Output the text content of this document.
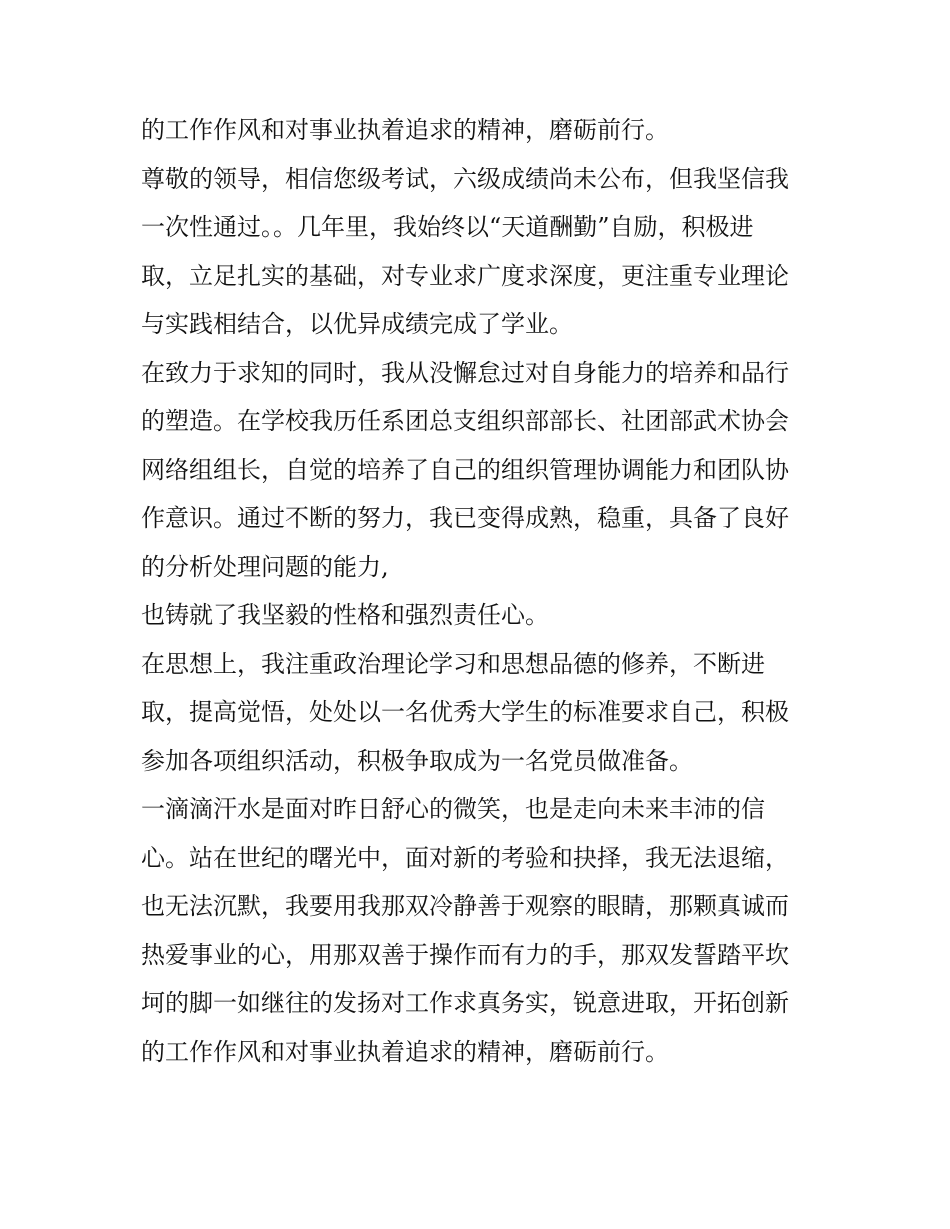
的工作作风和对事业执着追求的精神，磨砺前行。
尊敬的领导，相信您级考试，六级成绩尚未公布，但我坚信我
一次性通过。。几年里，我始终以“天道酬勤”自励，积极进
取，立足扎实的基础，对专业求广度求深度，更注重专业理论
与实践相结合，以优异成绩完成了学业。
在致力于求知的同时，我从没懈怠过对自身能力的培养和品行
的塑造。在学校我历任系团总支组织部部长、社团部武术协会
网络组组长，自觉的培养了自己的组织管理协调能力和团队协
作意识。通过不断的努力，我已变得成熟，稳重，具备了良好
的分析处理问题的能力,
也铸就了我坚毅的性格和强烈责任心。
在思想上，我注重政治理论学习和思想品德的修养，不断进
取，提高觉悟，处处以一名优秀大学生的标准要求自己，积极
参加各项组织活动，积极争取成为一名党员做准备。
一滴滴汗水是面对昨日舒心的微笑，也是走向未来丰沛的信
心。站在世纪的曙光中，面对新的考验和抉择，我无法退缩，
也无法沉默，我要用我那双冷静善于观察的眼睛，那颗真诚而
热爱事业的心，用那双善于操作而有力的手，那双发誓踏平坎
坷的脚一如继往的发扬对工作求真务实，锐意进取，开拓创新
的工作作风和对事业执着追求的精神，磨砺前行。
